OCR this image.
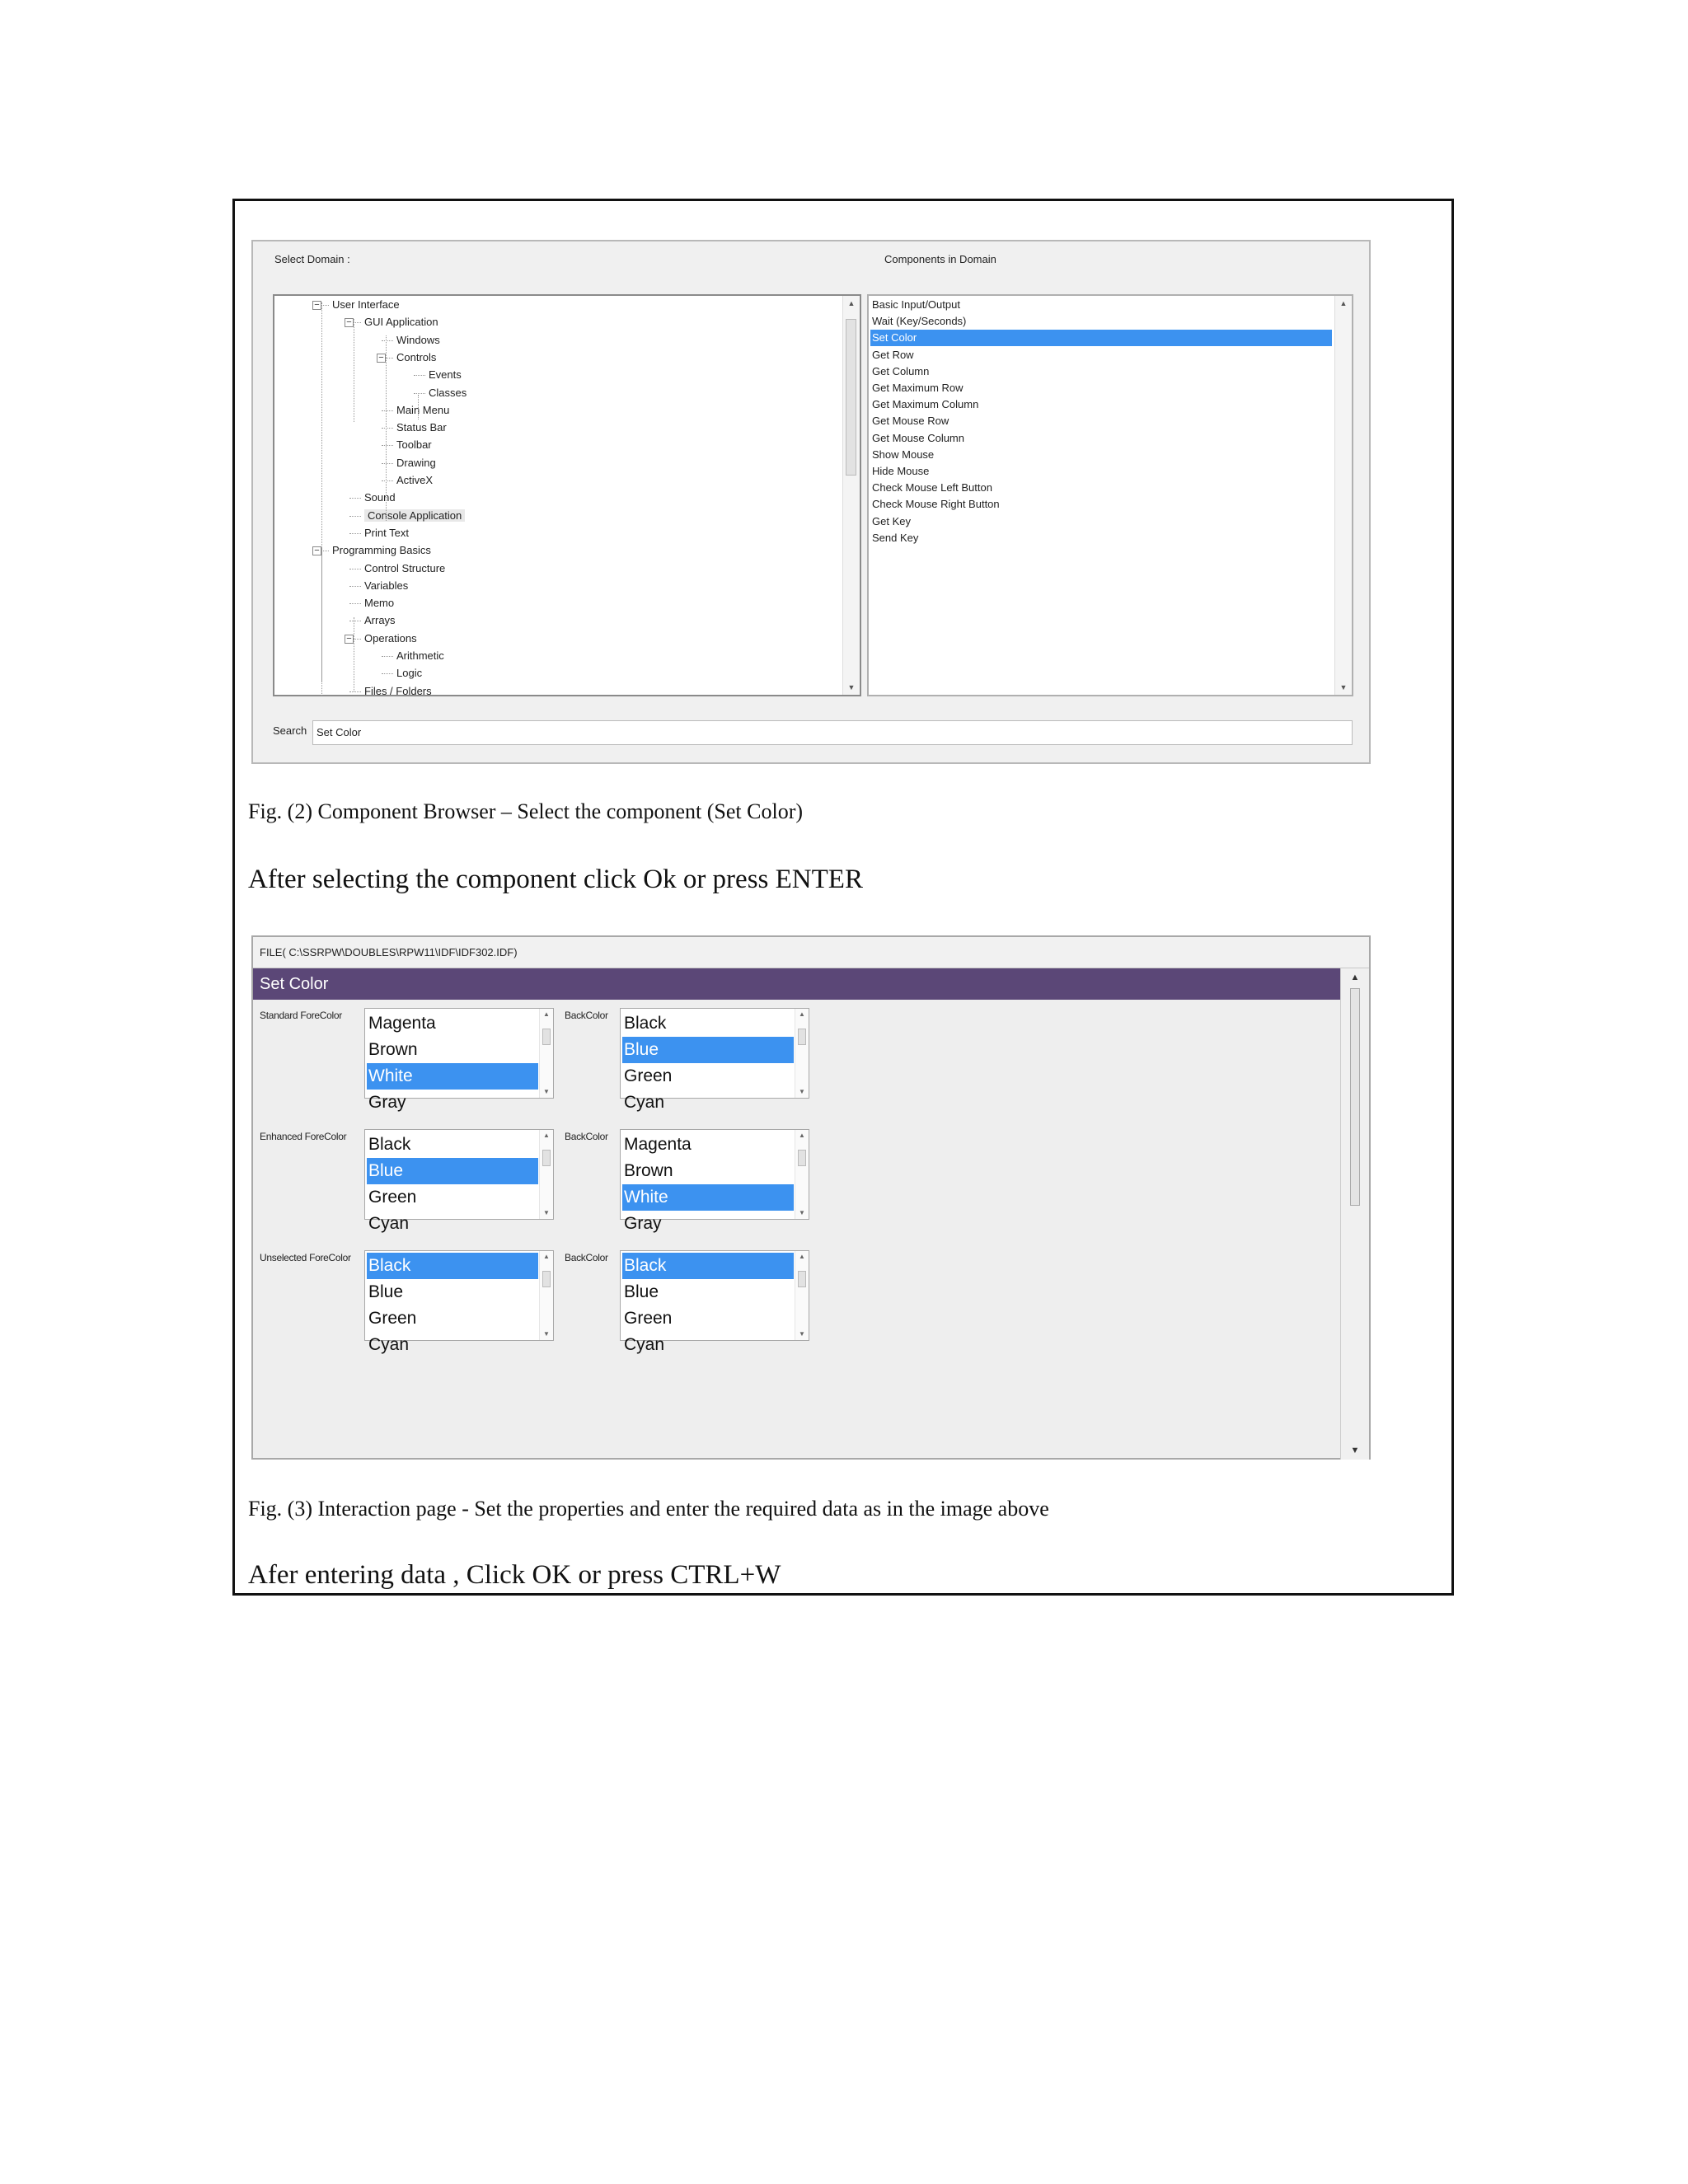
Select Domain :	Components in Domain
User Interface
−
GUI Application
−
Windows
Controls
−
Events
Classes
Main Menu
Status Bar
Toolbar
Drawing
ActiveX
Sound
Console Application
Print Text
Programming Basics
−
Control Structure
Variables
Memo
Arrays
Operations
−
Arithmetic
Logic
Files / Folders
▲
▼
Basic Input/Output
Wait (Key/Seconds)
Set Color
Get Row
Get Column
Get Maximum Row
Get Maximum Column
Get Mouse Row
Get Mouse Column
Show Mouse
Hide Mouse
Check Mouse Left Button
Check Mouse Right Button
Get Key
Send Key
▲
▼
Search Set Color
Fig. (2) Component Browser – Select the component (Set Color)
After selecting the component click Ok or press ENTER
FILE( C:\SSRPW\DOUBLES\RPW11\IDF\IDF302.IDF)
Set Color	▲
▼
Standard ForeColor Magenta
Brown
White
Gray
▲
▼
BackColor Black
Blue
Green
Cyan
▲
▼
Enhanced ForeColor Black
Blue
Green
Cyan
▲
▼
BackColor Magenta
Brown
White
Gray
▲
▼
Unselected ForeColor Black
Blue
Green
Cyan
▲
▼
BackColor Black
Blue
Green
Cyan
▲
▼
Fig. (3) Interaction page - Set the properties and enter the required data as in the image above
Afer entering data , Click OK or press CTRL+W
